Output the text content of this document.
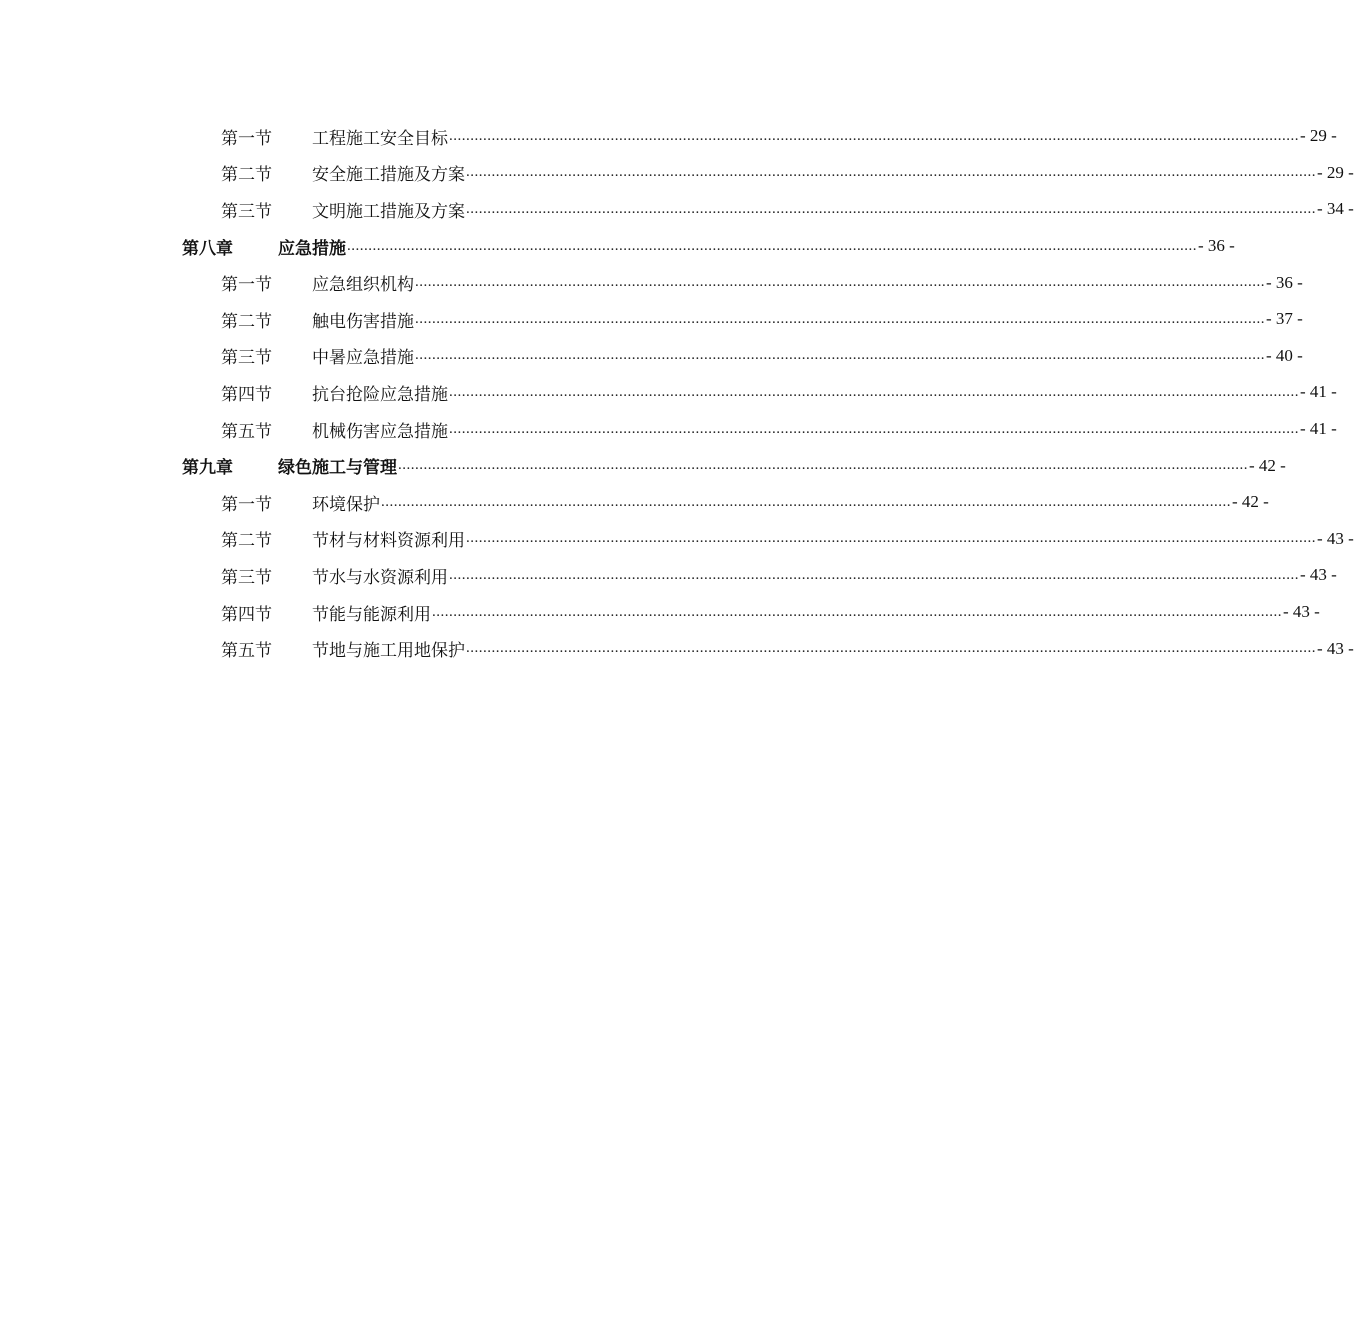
第一节	工程施工安全目标 ........................................................................................................................................................................................................ - 29 -
第二节	安全施工措施及方案 ........................................................................................................................................................................................................ - 29 -
第三节	文明施工措施及方案 ........................................................................................................................................................................................................ - 34 -
第八章	应急措施 ........................................................................................................................................................................................................ - 36 -
第一节	应急组织机构 ........................................................................................................................................................................................................ - 36 -
第二节	触电伤害措施 ........................................................................................................................................................................................................ - 37 -
第三节	中暑应急措施 ........................................................................................................................................................................................................ - 40 -
第四节	抗台抢险应急措施 ........................................................................................................................................................................................................ - 41 -
第五节	机械伤害应急措施 ........................................................................................................................................................................................................ - 41 -
第九章	绿色施工与管理 ........................................................................................................................................................................................................ - 42 -
第一节	环境保护 ........................................................................................................................................................................................................ - 42 -
第二节	节材与材料资源利用 ........................................................................................................................................................................................................ - 43 -
第三节	节水与水资源利用 ........................................................................................................................................................................................................ - 43 -
第四节	节能与能源利用 ........................................................................................................................................................................................................ - 43 -
第五节	节地与施工用地保护 ........................................................................................................................................................................................................ - 43 -
